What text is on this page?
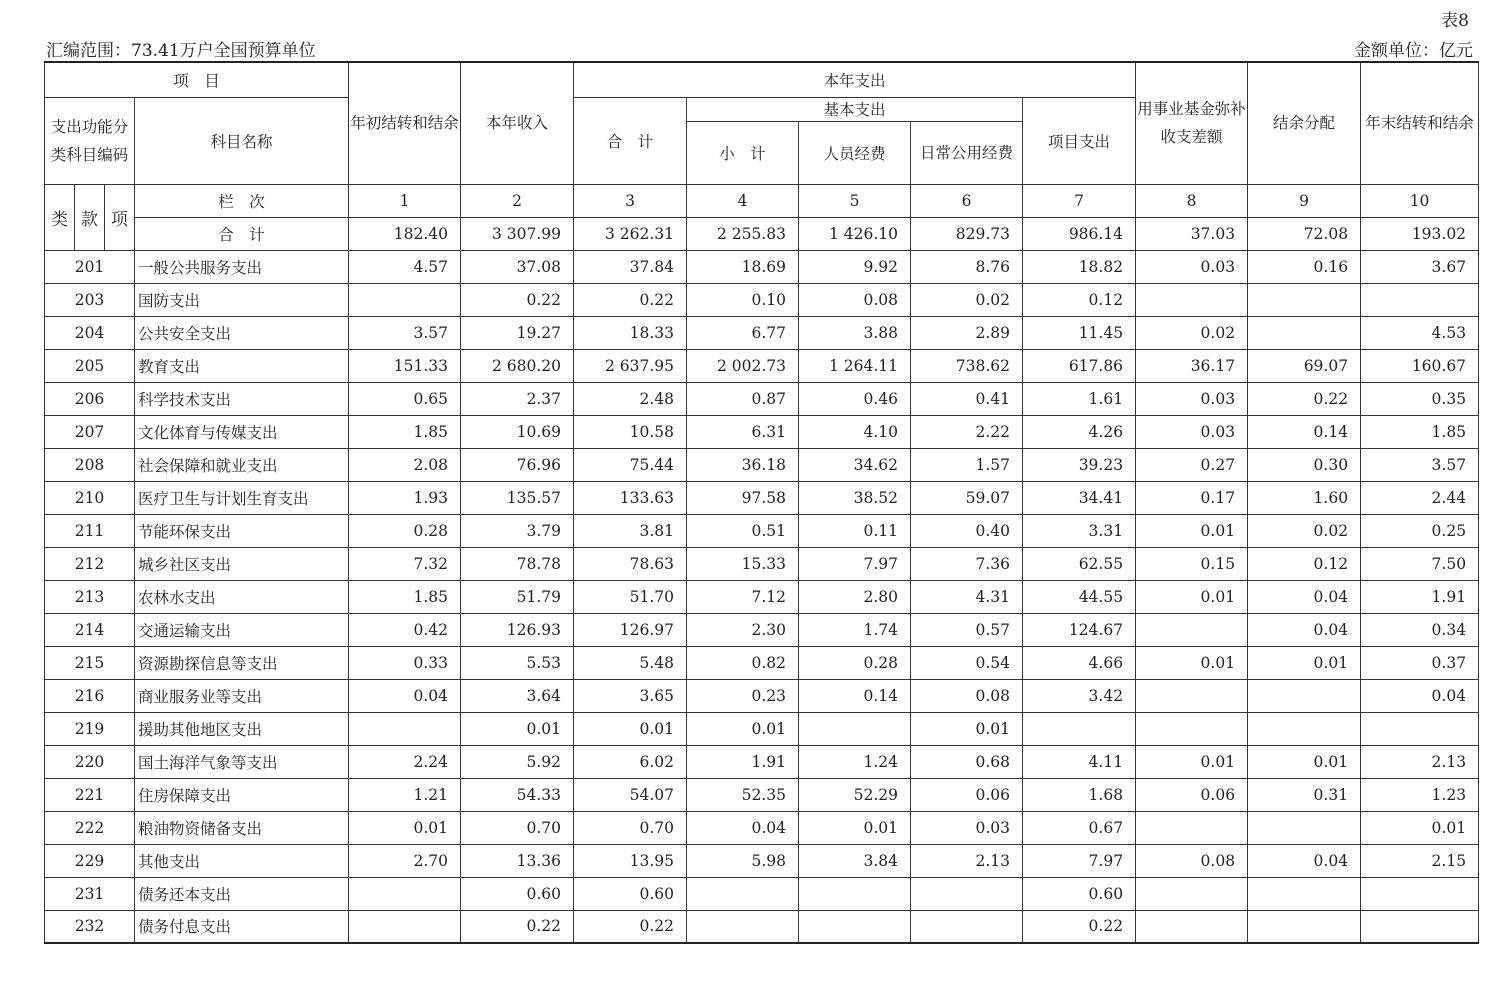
表8
汇编范围：73.41万户全国预算单位	金额单位：亿元
项　目		年初结转和结余	本年收入	本年支出					用事业基金弥补收支差额	结余分配	年末结转和结余
支出功能分类科目编码	科目名称			合　计	基本支出			项目支出			
					小　计	人员经费	日常公用经费				

类 款 项	栏　次	1	2	3	4	5	6	7	8	9	10
	合　计	182.40	3 307.99	3 262.31	2 255.83	1 426.10	829.73	986.14	37.03	72.08	193.02
201	一般公共服务支出	4.57	37.08	37.84	18.69	9.92	8.76	18.82	0.03	0.16	3.67
203	国防支出		0.22	0.22	0.10	0.08	0.02	0.12			
204	公共安全支出	3.57	19.27	18.33	6.77	3.88	2.89	11.45	0.02		4.53
205	教育支出	151.33	2 680.20	2 637.95	2 002.73	1 264.11	738.62	617.86	36.17	69.07	160.67
206	科学技术支出	0.65	2.37	2.48	0.87	0.46	0.41	1.61	0.03	0.22	0.35
207	文化体育与传媒支出	1.85	10.69	10.58	6.31	4.10	2.22	4.26	0.03	0.14	1.85
208	社会保障和就业支出	2.08	76.96	75.44	36.18	34.62	1.57	39.23	0.27	0.30	3.57
210	医疗卫生与计划生育支出	1.93	135.57	133.63	97.58	38.52	59.07	34.41	0.17	1.60	2.44
211	节能环保支出	0.28	3.79	3.81	0.51	0.11	0.40	3.31	0.01	0.02	0.25
212	城乡社区支出	7.32	78.78	78.63	15.33	7.97	7.36	62.55	0.15	0.12	7.50
213	农林水支出	1.85	51.79	51.70	7.12	2.80	4.31	44.55	0.01	0.04	1.91
214	交通运输支出	0.42	126.93	126.97	2.30	1.74	0.57	124.67		0.04	0.34
215	资源勘探信息等支出	0.33	5.53	5.48	0.82	0.28	0.54	4.66	0.01	0.01	0.37
216	商业服务业等支出	0.04	3.64	3.65	0.23	0.14	0.08	3.42			0.04
219	援助其他地区支出		0.01	0.01	0.01		0.01				
220	国土海洋气象等支出	2.24	5.92	6.02	1.91	1.24	0.68	4.11	0.01	0.01	2.13
221	住房保障支出	1.21	54.33	54.07	52.35	52.29	0.06	1.68	0.06	0.31	1.23
222	粮油物资储备支出	0.01	0.70	0.70	0.04	0.01	0.03	0.67			0.01
229	其他支出	2.70	13.36	13.95	5.98	3.84	2.13	7.97	0.08	0.04	2.15
231	债务还本支出		0.60	0.60				0.60			
232	债务付息支出		0.22	0.22				0.22			
